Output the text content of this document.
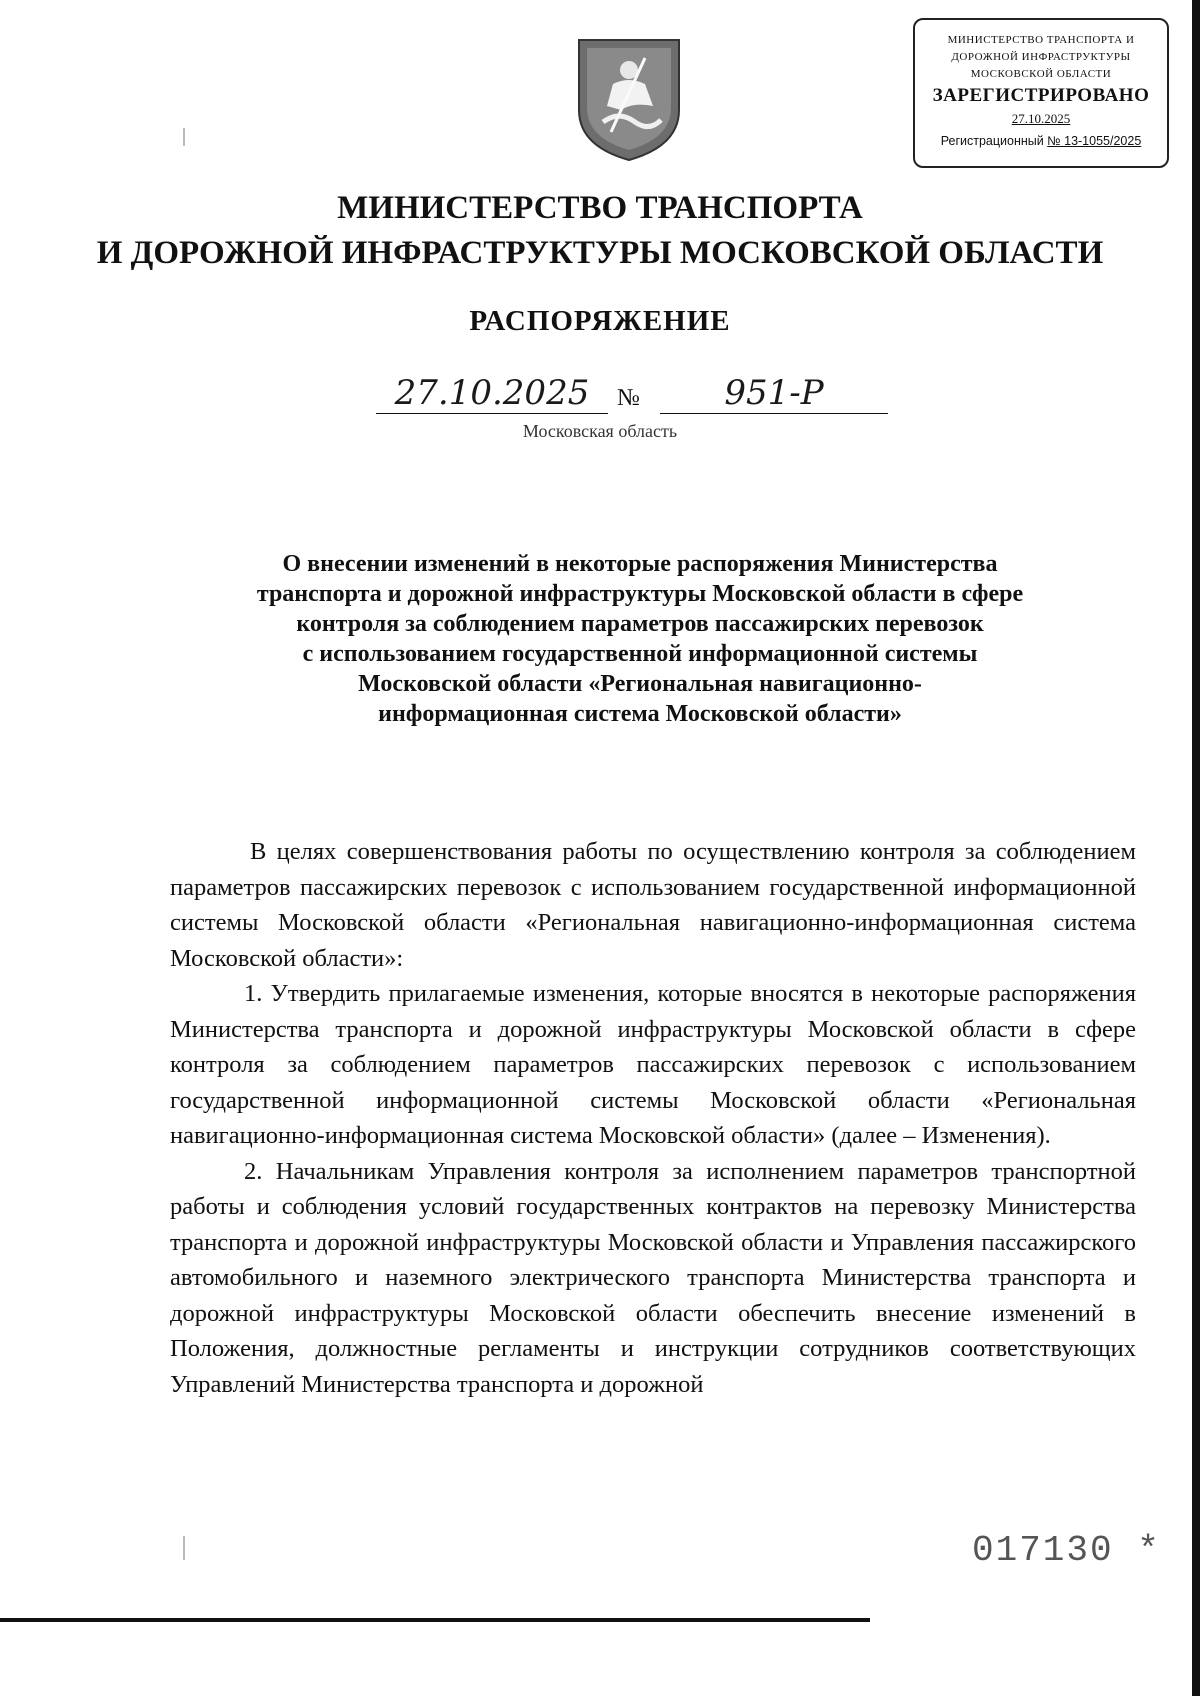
МИНИСТЕРСТВО ТРАНСПОРТА И
ДОРОЖНОЙ ИНФРАСТРУКТУРЫ
МОСКОВСКОЙ ОБЛАСТИ
ЗАРЕГИСТРИРОВАНО
27.10.2025
Регистрационный № 13-1055/2025
МИНИСТЕРСТВО ТРАНСПОРТА
И ДОРОЖНОЙ ИНФРАСТРУКТУРЫ МОСКОВСКОЙ ОБЛАСТИ
РАСПОРЯЖЕНИЕ
27.10.2025	№	951-Р
Московская область
О внесении изменений в некоторые распоряжения Министерства
транспорта и дорожной инфраструктуры Московской области в сфере
контроля за соблюдением параметров пассажирских перевозок
с использованием государственной информационной системы
Московской области «Региональная навигационно-
информационная система Московской области»

В целях совершенствования работы по осуществлению контроля за соблюдением параметров пассажирских перевозок с использованием государственной информационной системы Московской области «Региональная навигационно-информационная система Московской области»:

1. Утвердить прилагаемые изменения, которые вносятся в некоторые распоряжения Министерства транспорта и дорожной инфраструктуры Московской области в сфере контроля за соблюдением параметров пассажирских перевозок с использованием государственной информационной системы Московской области «Региональная навигационно-информационная система Московской области» (далее – Изменения).

2. Начальникам Управления контроля за исполнением параметров транспортной работы и соблюдения условий государственных контрактов на перевозку Министерства транспорта и дорожной инфраструктуры Московской области и Управления пассажирского автомобильного и наземного электрического транспорта Министерства транспорта и дорожной инфраструктуры Московской области обеспечить внесение изменений в Положения, должностные регламенты и инструкции сотрудников соответствующих Управлений Министерства транспорта и дорожной

017130 *
